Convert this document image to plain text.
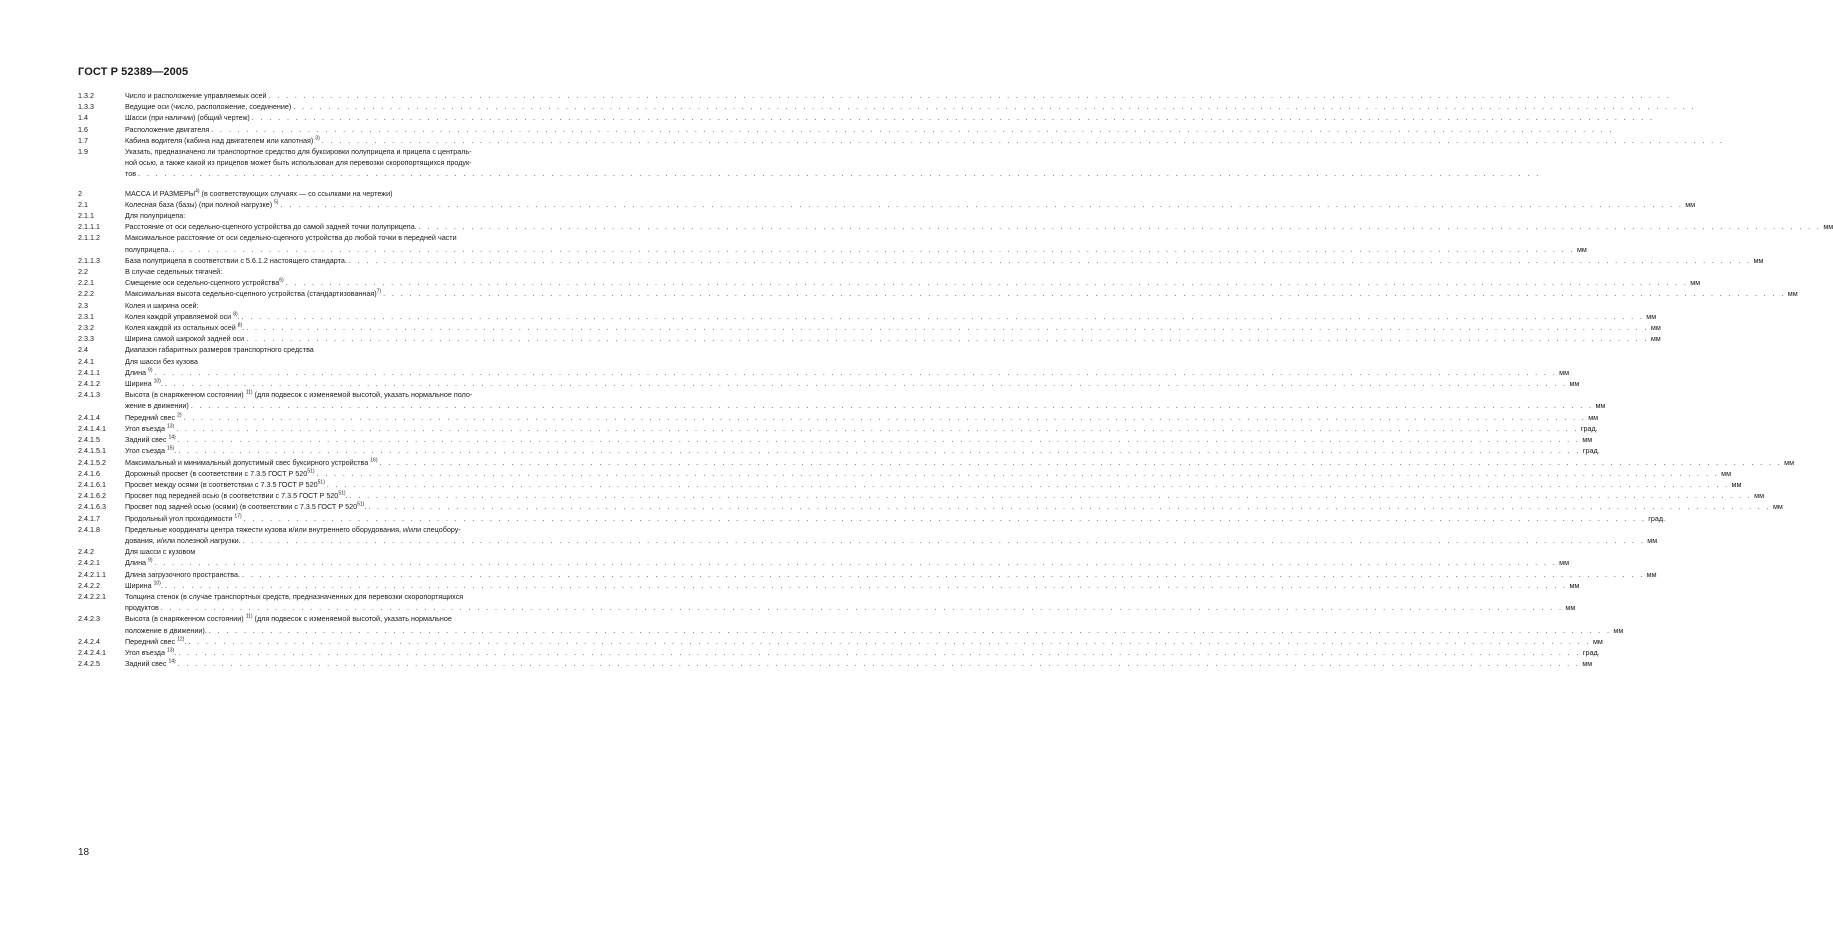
ГОСТ Р 52389—2005
1.3.2	Число и расположение управляемых осей . . . . . . . . . . . . . . . . . . . . . . . . . . . . . . . . . . . . . . . . . . . . . . . . . . . . . . . . . . . . . . . . . . . . . . . . . . . . . . . . . . . . . . . . . . . . . . . . . . . . . . . . . . . . . . . . . . . . . . . . . . . . . . . . . . . . . . . . . . . . . . . . . . . . . . . . . . . . . . . .
1.3.3	Ведущие оси (число, расположение, соединение) . . . . . . . . . . . . . . . . . . . . . . . . . . . . . . . . . . . . . . . . . . . . . . . . . . . . . . . . . . . . . . . . . . . . . . . . . . . . . . . . . . . . . . . . . . . . . . . . . . . . . . . . . . . . . . . . . . . . . . . . . . . . . . . . . . . . . . . . . . . . . . . . . . . . . . . . . . . . . . . .
1.4	Шасси (при наличии) (общий чертеж) . . . . . . . . . . . . . . . . . . . . . . . . . . . . . . . . . . . . . . . . . . . . . . . . . . . . . . . . . . . . . . . . . . . . . . . . . . . . . . . . . . . . . . . . . . . . . . . . . . . . . . . . . . . . . . . . . . . . . . . . . . . . . . . . . . . . . . . . . . . . . . . . . . . . . . . . . . . . . . . .
1.6	Расположение двигателя . . . . . . . . . . . . . . . . . . . . . . . . . . . . . . . . . . . . . . . . . . . . . . . . . . . . . . . . . . . . . . . . . . . . . . . . . . . . . . . . . . . . . . . . . . . . . . . . . . . . . . . . . . . . . . . . . . . . . . . . . . . . . . . . . . . . . . . . . . . . . . . . . . . . . . . . . . . . . . . .
1.7	Кабина водителя (кабина над двигателем или капотная) $^{3)}$ . . . . . . . . . . . . . . . . . . . . . . . . . . . . . . . . . . . . . . . . . . . . . . . . . . . . . . . . . . . . . . . . . . . . . . . . . . . . . . . . . . . . . . . . . . . . . . . . . . . . . . . . . . . . . . . . . . . . . . . . . . . . . . . . . . . . . . . . . . . . . . . . . . . . . . . . . . . . . . . .
1.9	Указать, предназначено ли транспортное средство для буксировки полуприцепа и прицепа с централь-
ной осью, а также какой из прицепов может быть использован для перевозки скоропортящихся продук-
тов . . . . . . . . . . . . . . . . . . . . . . . . . . . . . . . . . . . . . . . . . . . . . . . . . . . . . . . . . . . . . . . . . . . . . . . . . . . . . . . . . . . . . . . . . . . . . . . . . . . . . . . . . . . . . . . . . . . . . . . . . . . . . . . . . . . . . . . . . . . . . . . . . . . . . . . . . . . . . . . .
2	МАССА И РАЗМЕРЫ$^{4)}$ (в соответствующих случаях — со ссылками на чертежи)
2.1	Колесная база (базы) (при полной нагрузке) $^{5)}$ . . . . . . . . . . . . . . . . . . . . . . . . . . . . . . . . . . . . . . . . . . . . . . . . . . . . . . . . . . . . . . . . . . . . . . . . . . . . . . . . . . . . . . . . . . . . . . . . . . . . . . . . . . . . . . . . . . . . . . . . . . . . . . . . . . . . . . . . . . . . . . . . . . . . . . . . . . . . . . . . мм
2.1.1	Для полуприцепа:
2.1.1.1	Расстояние от оси седельно-сцепного устройства до самой задней точки полуприцепа. . . . . . . . . . . . . . . . . . . . . . . . . . . . . . . . . . . . . . . . . . . . . . . . . . . . . . . . . . . . . . . . . . . . . . . . . . . . . . . . . . . . . . . . . . . . . . . . . . . . . . . . . . . . . . . . . . . . . . . . . . . . . . . . . . . . . . . . . . . . . . . . . . . . . . . . . . . . . . . . . мм
2.1.1.2	Максимальное расстояние от оси седельно-сцепного устройства до любой точки в передней части
полуприцепа. . . . . . . . . . . . . . . . . . . . . . . . . . . . . . . . . . . . . . . . . . . . . . . . . . . . . . . . . . . . . . . . . . . . . . . . . . . . . . . . . . . . . . . . . . . . . . . . . . . . . . . . . . . . . . . . . . . . . . . . . . . . . . . . . . . . . . . . . . . . . . . . . . . . . . . . . . . . . . . . . мм
2.1.1.3	База полуприцепа в соответствии с 5.6.1.2 настоящего стандарта. . . . . . . . . . . . . . . . . . . . . . . . . . . . . . . . . . . . . . . . . . . . . . . . . . . . . . . . . . . . . . . . . . . . . . . . . . . . . . . . . . . . . . . . . . . . . . . . . . . . . . . . . . . . . . . . . . . . . . . . . . . . . . . . . . . . . . . . . . . . . . . . . . . . . . . . . . . . . . . . . мм
2.2	В случае седельных тягачей:
2.2.1	Смещение оси седельно-сцепного устройства$^{6)}$ . . . . . . . . . . . . . . . . . . . . . . . . . . . . . . . . . . . . . . . . . . . . . . . . . . . . . . . . . . . . . . . . . . . . . . . . . . . . . . . . . . . . . . . . . . . . . . . . . . . . . . . . . . . . . . . . . . . . . . . . . . . . . . . . . . . . . . . . . . . . . . . . . . . . . . . . . . . . . . . . мм
2.2.2	Максимальная высота седельно-сцепного устройства (стандартизованная)$^{7)}$ . . . . . . . . . . . . . . . . . . . . . . . . . . . . . . . . . . . . . . . . . . . . . . . . . . . . . . . . . . . . . . . . . . . . . . . . . . . . . . . . . . . . . . . . . . . . . . . . . . . . . . . . . . . . . . . . . . . . . . . . . . . . . . . . . . . . . . . . . . . . . . . . . . . . . . . . . . . . . . . . мм
2.3	Колея и ширина осей:
2.3.1	Колея каждой управляемой оси $^{8)}$. . . . . . . . . . . . . . . . . . . . . . . . . . . . . . . . . . . . . . . . . . . . . . . . . . . . . . . . . . . . . . . . . . . . . . . . . . . . . . . . . . . . . . . . . . . . . . . . . . . . . . . . . . . . . . . . . . . . . . . . . . . . . . . . . . . . . . . . . . . . . . . . . . . . . . . . . . . . . . . . . мм
2.3.2	Колея каждой из остальных осей $^{8)}$. . . . . . . . . . . . . . . . . . . . . . . . . . . . . . . . . . . . . . . . . . . . . . . . . . . . . . . . . . . . . . . . . . . . . . . . . . . . . . . . . . . . . . . . . . . . . . . . . . . . . . . . . . . . . . . . . . . . . . . . . . . . . . . . . . . . . . . . . . . . . . . . . . . . . . . . . . . . . . . . . мм
2.3.3	Ширина самой широкой задней оси . . . . . . . . . . . . . . . . . . . . . . . . . . . . . . . . . . . . . . . . . . . . . . . . . . . . . . . . . . . . . . . . . . . . . . . . . . . . . . . . . . . . . . . . . . . . . . . . . . . . . . . . . . . . . . . . . . . . . . . . . . . . . . . . . . . . . . . . . . . . . . . . . . . . . . . . . . . . . . . . мм
2.4	Диапазон габаритных размеров транспортного средства
2.4.1	Для шасси без кузова
2.4.1.1	Длина $^{9)}$ . . . . . . . . . . . . . . . . . . . . . . . . . . . . . . . . . . . . . . . . . . . . . . . . . . . . . . . . . . . . . . . . . . . . . . . . . . . . . . . . . . . . . . . . . . . . . . . . . . . . . . . . . . . . . . . . . . . . . . . . . . . . . . . . . . . . . . . . . . . . . . . . . . . . . . . . . . . . . . . . мм
2.4.1.2	Ширина $^{10)}$. . . . . . . . . . . . . . . . . . . . . . . . . . . . . . . . . . . . . . . . . . . . . . . . . . . . . . . . . . . . . . . . . . . . . . . . . . . . . . . . . . . . . . . . . . . . . . . . . . . . . . . . . . . . . . . . . . . . . . . . . . . . . . . . . . . . . . . . . . . . . . . . . . . . . . . . . . . . . . . . . мм
2.4.1.3	Высота (в снаряженном состоянии) $^{11)}$ (для подвесок с изменяемой высотой, указать нормальное поло-
жение в движении) . . . . . . . . . . . . . . . . . . . . . . . . . . . . . . . . . . . . . . . . . . . . . . . . . . . . . . . . . . . . . . . . . . . . . . . . . . . . . . . . . . . . . . . . . . . . . . . . . . . . . . . . . . . . . . . . . . . . . . . . . . . . . . . . . . . . . . . . . . . . . . . . . . . . . . . . . . . . . . . . мм
2.4.1.4	Передний свес $^{2)}$ . . . . . . . . . . . . . . . . . . . . . . . . . . . . . . . . . . . . . . . . . . . . . . . . . . . . . . . . . . . . . . . . . . . . . . . . . . . . . . . . . . . . . . . . . . . . . . . . . . . . . . . . . . . . . . . . . . . . . . . . . . . . . . . . . . . . . . . . . . . . . . . . . . . . . . . . . . . . . . . . мм
2.4.1.4.1	Угол въезда $^{13)}$ . . . . . . . . . . . . . . . . . . . . . . . . . . . . . . . . . . . . . . . . . . . . . . . . . . . . . . . . . . . . . . . . . . . . . . . . . . . . . . . . . . . . . . . . . . . . . . . . . . . . . . . . . . . . . . . . . . . . . . . . . . . . . . . . . . . . . . . . . . . . . . . . . . . . . . . . . . . . . . . . град.
2.4.1.5	Задний свес $^{14)}$ . . . . . . . . . . . . . . . . . . . . . . . . . . . . . . . . . . . . . . . . . . . . . . . . . . . . . . . . . . . . . . . . . . . . . . . . . . . . . . . . . . . . . . . . . . . . . . . . . . . . . . . . . . . . . . . . . . . . . . . . . . . . . . . . . . . . . . . . . . . . . . . . . . . . . . . . . . . . . . . . мм
2.4.1.5.1	Угол съезда $^{15)}$. . . . . . . . . . . . . . . . . . . . . . . . . . . . . . . . . . . . . . . . . . . . . . . . . . . . . . . . . . . . . . . . . . . . . . . . . . . . . . . . . . . . . . . . . . . . . . . . . . . . . . . . . . . . . . . . . . . . . . . . . . . . . . . . . . . . . . . . . . . . . . . . . . . . . . . . . . . . . . . . . град.
2.4.1.5.2	Максимальный и минимальный допустимый свес буксирного устройства $^{16)}$ . . . . . . . . . . . . . . . . . . . . . . . . . . . . . . . . . . . . . . . . . . . . . . . . . . . . . . . . . . . . . . . . . . . . . . . . . . . . . . . . . . . . . . . . . . . . . . . . . . . . . . . . . . . . . . . . . . . . . . . . . . . . . . . . . . . . . . . . . . . . . . . . . . . . . . . . . . . . . . . . мм
2.4.1.6	Дорожный просвет (в соответствии с 7.3.5 ГОСТ Р 520$^{51)}$ . . . . . . . . . . . . . . . . . . . . . . . . . . . . . . . . . . . . . . . . . . . . . . . . . . . . . . . . . . . . . . . . . . . . . . . . . . . . . . . . . . . . . . . . . . . . . . . . . . . . . . . . . . . . . . . . . . . . . . . . . . . . . . . . . . . . . . . . . . . . . . . . . . . . . . . . . . . . . . . . мм
2.4.1.6.1	Просвет между осями (в соответствии с 7.3.5 ГОСТ Р 520$^{51)}$ . . . . . . . . . . . . . . . . . . . . . . . . . . . . . . . . . . . . . . . . . . . . . . . . . . . . . . . . . . . . . . . . . . . . . . . . . . . . . . . . . . . . . . . . . . . . . . . . . . . . . . . . . . . . . . . . . . . . . . . . . . . . . . . . . . . . . . . . . . . . . . . . . . . . . . . . . . . . . . . . мм
2.4.1.6.2	Просвет под передней осью (в соответствии с 7.3.5 ГОСТ Р 520$^{51)}$. . . . . . . . . . . . . . . . . . . . . . . . . . . . . . . . . . . . . . . . . . . . . . . . . . . . . . . . . . . . . . . . . . . . . . . . . . . . . . . . . . . . . . . . . . . . . . . . . . . . . . . . . . . . . . . . . . . . . . . . . . . . . . . . . . . . . . . . . . . . . . . . . . . . . . . . . . . . . . . . . мм
2.4.1.6.3	Просвет под задней осью (осями) (в соответствии с 7.3.5 ГОСТ Р 520$^{51)}$. . . . . . . . . . . . . . . . . . . . . . . . . . . . . . . . . . . . . . . . . . . . . . . . . . . . . . . . . . . . . . . . . . . . . . . . . . . . . . . . . . . . . . . . . . . . . . . . . . . . . . . . . . . . . . . . . . . . . . . . . . . . . . . . . . . . . . . . . . . . . . . . . . . . . . . . . . . . . . . . . мм
2.4.1.7	Продольный угол проходимости $^{17)}$ . . . . . . . . . . . . . . . . . . . . . . . . . . . . . . . . . . . . . . . . . . . . . . . . . . . . . . . . . . . . . . . . . . . . . . . . . . . . . . . . . . . . . . . . . . . . . . . . . . . . . . . . . . . . . . . . . . . . . . . . . . . . . . . . . . . . . . . . . . . . . . . . . . . . . . . . . . . . . . . . град.
2.4.1.8	Предельные координаты центра тяжести кузова и/или внутреннего оборудования, и/или спецобору-
дования, и/или полезной нагрузки. . . . . . . . . . . . . . . . . . . . . . . . . . . . . . . . . . . . . . . . . . . . . . . . . . . . . . . . . . . . . . . . . . . . . . . . . . . . . . . . . . . . . . . . . . . . . . . . . . . . . . . . . . . . . . . . . . . . . . . . . . . . . . . . . . . . . . . . . . . . . . . . . . . . . . . . . . . . . . . . . мм
2.4.2	Для шасси с кузовом
2.4.2.1	Длина $^{9)}$ . . . . . . . . . . . . . . . . . . . . . . . . . . . . . . . . . . . . . . . . . . . . . . . . . . . . . . . . . . . . . . . . . . . . . . . . . . . . . . . . . . . . . . . . . . . . . . . . . . . . . . . . . . . . . . . . . . . . . . . . . . . . . . . . . . . . . . . . . . . . . . . . . . . . . . . . . . . . . . . . мм
2.4.2.1.1	Длина загрузочного пространства. . . . . . . . . . . . . . . . . . . . . . . . . . . . . . . . . . . . . . . . . . . . . . . . . . . . . . . . . . . . . . . . . . . . . . . . . . . . . . . . . . . . . . . . . . . . . . . . . . . . . . . . . . . . . . . . . . . . . . . . . . . . . . . . . . . . . . . . . . . . . . . . . . . . . . . . . . . . . . . . . мм
2.4.2.2	Ширина $^{10)}$. . . . . . . . . . . . . . . . . . . . . . . . . . . . . . . . . . . . . . . . . . . . . . . . . . . . . . . . . . . . . . . . . . . . . . . . . . . . . . . . . . . . . . . . . . . . . . . . . . . . . . . . . . . . . . . . . . . . . . . . . . . . . . . . . . . . . . . . . . . . . . . . . . . . . . . . . . . . . . . . . мм
2.4.2.2.1	Толщина стенок (в случае транспортных средств, предназначенных для перевозки скоропортящихся
продуктов . . . . . . . . . . . . . . . . . . . . . . . . . . . . . . . . . . . . . . . . . . . . . . . . . . . . . . . . . . . . . . . . . . . . . . . . . . . . . . . . . . . . . . . . . . . . . . . . . . . . . . . . . . . . . . . . . . . . . . . . . . . . . . . . . . . . . . . . . . . . . . . . . . . . . . . . . . . . . . . . мм
2.4.2.3	Высота (в снаряженном состоянии) $^{11)}$ (для подвесок с изменяемой высотой, указать нормальное
положение в движении). . . . . . . . . . . . . . . . . . . . . . . . . . . . . . . . . . . . . . . . . . . . . . . . . . . . . . . . . . . . . . . . . . . . . . . . . . . . . . . . . . . . . . . . . . . . . . . . . . . . . . . . . . . . . . . . . . . . . . . . . . . . . . . . . . . . . . . . . . . . . . . . . . . . . . . . . . . . . . . . . мм
2.4.2.4	Передний свес $^{12)}$. . . . . . . . . . . . . . . . . . . . . . . . . . . . . . . . . . . . . . . . . . . . . . . . . . . . . . . . . . . . . . . . . . . . . . . . . . . . . . . . . . . . . . . . . . . . . . . . . . . . . . . . . . . . . . . . . . . . . . . . . . . . . . . . . . . . . . . . . . . . . . . . . . . . . . . . . . . . . . . . . мм
2.4.2.4.1	Угол въезда $^{13)}$. . . . . . . . . . . . . . . . . . . . . . . . . . . . . . . . . . . . . . . . . . . . . . . . . . . . . . . . . . . . . . . . . . . . . . . . . . . . . . . . . . . . . . . . . . . . . . . . . . . . . . . . . . . . . . . . . . . . . . . . . . . . . . . . . . . . . . . . . . . . . . . . . . . . . . . . . . . . . . . . . град.
2.4.2.5	Задний свес $^{14)}$ . . . . . . . . . . . . . . . . . . . . . . . . . . . . . . . . . . . . . . . . . . . . . . . . . . . . . . . . . . . . . . . . . . . . . . . . . . . . . . . . . . . . . . . . . . . . . . . . . . . . . . . . . . . . . . . . . . . . . . . . . . . . . . . . . . . . . . . . . . . . . . . . . . . . . . . . . . . . . . . . мм
18
